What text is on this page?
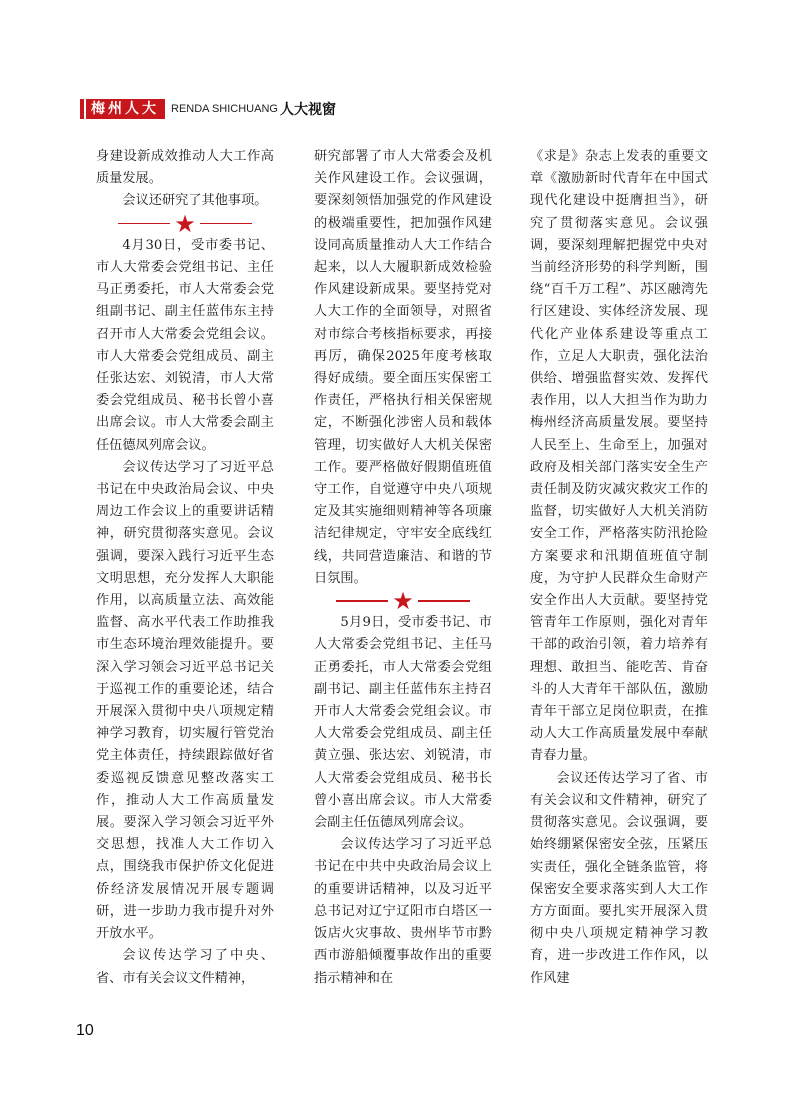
梅州人大	RENDA SHICHUANG 人大视窗

身建设新成效推动人大工作高质量发展。

会议还研究了其他事项。

★

4月30日，受市委书记、市人大常委会党组书记、主任马正勇委托，市人大常委会党组副书记、副主任蓝伟东主持召开市人大常委会党组会议。市人大常委会党组成员、副主任张达宏、刘锐清，市人大常委会党组成员、秘书长曾小喜出席会议。市人大常委会副主任伍德凤列席会议。

会议传达学习了习近平总书记在中央政治局会议、中央周边工作会议上的重要讲话精神，研究贯彻落实意见。会议强调，要深入践行习近平生态文明思想，充分发挥人大职能作用，以高质量立法、高效能监督、高水平代表工作助推我市生态环境治理效能提升。要深入学习领会习近平总书记关于巡视工作的重要论述，结合开展深入贯彻中央八项规定精神学习教育，切实履行管党治党主体责任，持续跟踪做好省委巡视反馈意见整改落实工作，推动人大工作高质量发展。要深入学习领会习近平外交思想，找准人大工作切入点，围绕我市保护侨文化促进侨经济发展情况开展专题调研，进一步助力我市提升对外开放水平。

会议传达学习了中央、省、市有关会议文件精神，

研究部署了市人大常委会及机关作风建设工作。会议强调，要深刻领悟加强党的作风建设的极端重要性，把加强作风建设同高质量推动人大工作结合起来，以人大履职新成效检验作风建设新成果。要坚持党对人大工作的全面领导，对照省对市综合考核指标要求，再接再厉，确保2025年度考核取得好成绩。要全面压实保密工作责任，严格执行相关保密规定，不断强化涉密人员和载体管理，切实做好人大机关保密工作。要严格做好假期值班值守工作，自觉遵守中央八项规定及其实施细则精神等各项廉洁纪律规定，守牢安全底线红线，共同营造廉洁、和谐的节日氛围。

★

5月9日，受市委书记、市人大常委会党组书记、主任马正勇委托，市人大常委会党组副书记、副主任蓝伟东主持召开市人大常委会党组会议。市人大常委会党组成员、副主任黄立强、张达宏、刘锐清，市人大常委会党组成员、秘书长曾小喜出席会议。市人大常委会副主任伍德凤列席会议。

会议传达学习了习近平总书记在中共中央政治局会议上的重要讲话精神，以及习近平总书记对辽宁辽阳市白塔区一饭店火灾事故、贵州毕节市黔西市游船倾覆事故作出的重要指示精神和在

《求是》杂志上发表的重要文章《激励新时代青年在中国式现代化建设中挺膺担当》，研究了贯彻落实意见。会议强调，要深刻理解把握党中央对当前经济形势的科学判断，围绕“百千万工程”、苏区融湾先行区建设、实体经济发展、现代化产业体系建设等重点工作，立足人大职责，强化法治供给、增强监督实效、发挥代表作用，以人大担当作为助力梅州经济高质量发展。要坚持人民至上、生命至上，加强对政府及相关部门落实安全生产责任制及防灾减灾救灾工作的监督，切实做好人大机关消防安全工作，严格落实防汛抢险方案要求和汛期值班值守制度，为守护人民群众生命财产安全作出人大贡献。要坚持党管青年工作原则，强化对青年干部的政治引领，着力培养有理想、敢担当、能吃苦、肯奋斗的人大青年干部队伍，激励青年干部立足岗位职责，在推动人大工作高质量发展中奉献青春力量。

会议还传达学习了省、市有关会议和文件精神，研究了贯彻落实意见。会议强调，要始终绷紧保密安全弦，压紧压实责任，强化全链条监管，将保密安全要求落实到人大工作方方面面。要扎实开展深入贯彻中央八项规定精神学习教育，进一步改进工作作风，以作风建

10
